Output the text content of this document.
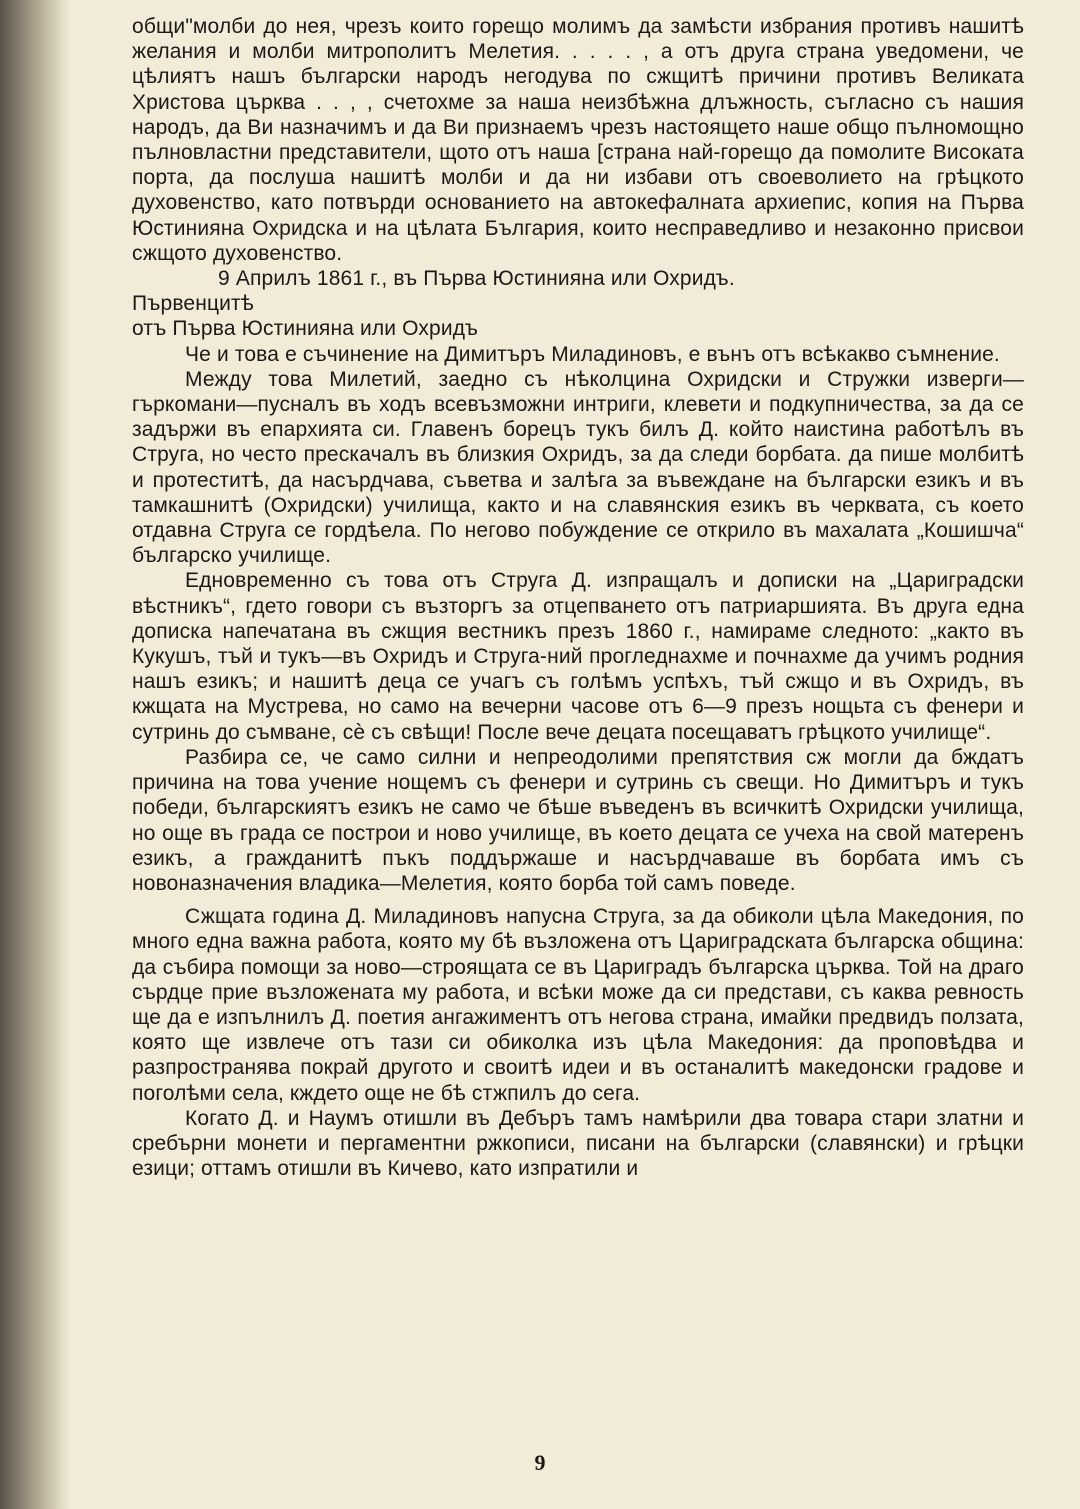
общи"молби до нея, чрезъ които горещо молимъ да замѣсти избрания противъ нашитѣ желания и молби митрополитъ Мелетия. . . . . , а отъ друга страна уведомени, че цѣлиятъ нашъ български народъ негодува по сжщитѣ причини противъ Великата Христова църква . . , , счетохме за наша неизбѣжна длъжность, съгласно съ нашия народъ, да Ви назначимъ и да Ви признаемъ чрезъ настоящето наше общо пълномощно пълновластни представители, щото отъ наша [страна най-горещо да помолите Високата порта, да послуша нашитѣ молби и да ни избави отъ своеволието на грѣцкото духовенство, като потвърди основанието на автокефалната архиепис, копия на Първа Юстинияна Охридска и на цѣлата България, които несправедливо и незаконно присвои сжщото духовенство.

9 Априлъ 1861 г., въ Първа Юстинияна или Охридъ.

Първенцитѣ

отъ Първа Юстинияна или Охридъ

Че и това е съчинение на Димитъръ Миладиновъ, е вънъ отъ всѣкакво съмнение.

Между това Милетий, заедно съ нѣколцина Охридски и Стружки изверги—гъркомани—пусналъ въ ходъ всевъзможни интриги, клевети и подкупничества, за да се задържи въ епархията си. Главенъ борецъ тукъ билъ Д. който наистина работѣлъ въ Струга, но често прескачалъ въ близкия Охридъ, за да следи борбата. да пише молбитѣ и протеститѣ, да насърдчава, съветва и залѣга за въвеждане на български езикъ и въ тамкашнитѣ (Охридски) училища, както и на славянския езикъ въ черквата, съ което отдавна Струга се гордѣела. По негово побуждение се открило въ махалата „Кошишча“ българско училище.

Едновременно съ това отъ Струга Д. изпращалъ и дописки на „Цариградски вѣстникъ“, гдето говори съ възторгъ за отцепването отъ патриаршията. Въ друга една дописка напечатана въ сжщия вестникъ презъ 1860 г., намираме следното: „както въ Кукушъ, тъй и тукъ—въ Охридъ и Струга-ний прогледнахме и почнахме да учимъ родния нашъ езикъ; и нашитѣ деца се учагъ съ голѣмъ успѣхъ, тъй сжщо и въ Охридъ, въ кжщата на Мустрева, но само на вечерни часове отъ 6—9 презъ нощьта съ фенери и сутринь до съмване, сѐ съ свѣщи! После вече децата посещаватъ грѣцкото училище“.

Разбира се, че само силни и непреодолими препятствия сж могли да бждатъ причина на това учение нощемъ съ фенери и сутринь съ свещи. Но Димитъръ и тукъ победи, българскиятъ езикъ не само че бѣше въведенъ въ всичкитѣ Охридски училища, но още въ града се построи и ново училище, въ което децата се учеха на свой матеренъ езикъ, а гражданитѣ пъкъ поддържаше и насърдчаваше въ борбата имъ съ новоназначения владика—Мелетия, която борба той самъ поведе.

Сжщата година Д. Миладиновъ напусна Струга, за да обиколи цѣла Македония, по много една важна работа, която му бѣ възложена отъ Цариградската българска община: да събира помощи за ново—строящата се въ Цариградъ българска църква. Той на драго сърдце прие възложената му работа, и всѣки може да си представи, съ каква ревность ще да е изпълнилъ Д. поетия ангажиментъ отъ негова страна, имайки предвидъ ползата, която ще извлече отъ тази си обиколка изъ цѣла Македония: да проповѣдва и разпространява покрай другото и своитѣ идеи и въ останалитѣ македонски градове и поголѣми села, кждето още не бѣ стжпилъ до сега.

Когато Д. и Наумъ отишли въ Дебъръ тамъ намѣрили два товара стари златни и сребърни монети и пергаментни ржкописи, писани на български (славянски) и грѣцки езици; оттамъ отишли въ Кичево, като изпратили и

9
